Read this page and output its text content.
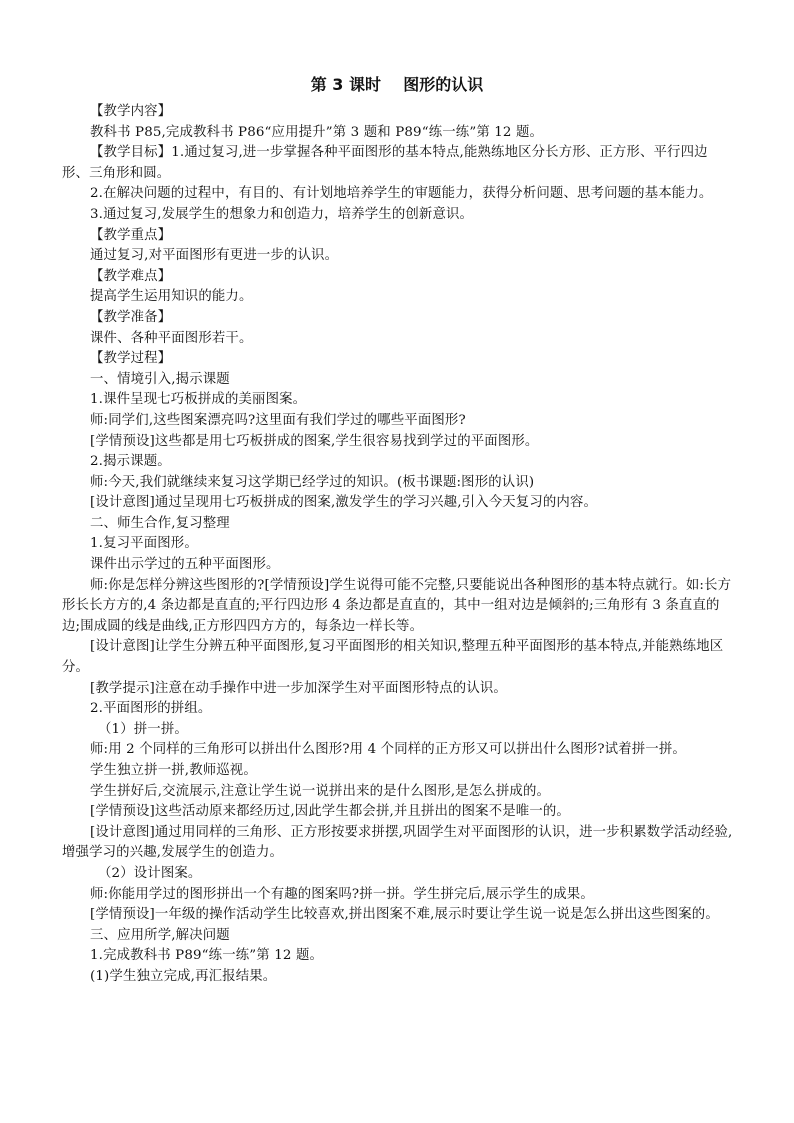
第 3 课时    图形的认识

【教学内容】

教科书 P85,完成教科书 P86“应用提升”第 3 题和 P89“练一练”第 12 题。

【教学目标】1.通过复习,进一步掌握各种平面图形的基本特点,能熟练地区分长方形、正方形、平行四边形、三角形和圆。

2.在解决问题的过程中，有目的、有计划地培养学生的审题能力，获得分析问题、思考问题的基本能力。

3.通过复习,发展学生的想象力和创造力，培养学生的创新意识。

【教学重点】

通过复习,对平面图形有更进一步的认识。

【教学难点】

提高学生运用知识的能力。

【教学准备】

课件、各种平面图形若干。

【教学过程】

一、情境引入,揭示课题

1.课件呈现七巧板拼成的美丽图案。

师:同学们,这些图案漂亮吗?这里面有我们学过的哪些平面图形?

[学情预设]这些都是用七巧板拼成的图案,学生很容易找到学过的平面图形。

2.揭示课题。

师:今天,我们就继续来复习这学期已经学过的知识。(板书课题:图形的认识)

[设计意图]通过呈现用七巧板拼成的图案,激发学生的学习兴趣,引入今天复习的内容。

二、师生合作,复习整理

1.复习平面图形。

课件出示学过的五种平面图形。

师:你是怎样分辨这些图形的?[学情预设]学生说得可能不完整,只要能说出各种图形的基本特点就行。如:长方形长长方方的,4 条边都是直直的;平行四边形 4 条边都是直直的，其中一组对边是倾斜的;三角形有 3 条直直的边;围成圆的线是曲线,正方形四四方方的，每条边一样长等。

[设计意图]让学生分辨五种平面图形,复习平面图形的相关知识,整理五种平面图形的基本特点,并能熟练地区分。

[教学提示]注意在动手操作中进一步加深学生对平面图形特点的认识。

2.平面图形的拼组。

（1）拼一拼。

师:用 2 个同样的三角形可以拼出什么图形?用 4 个同样的正方形又可以拼出什么图形?试着拼一拼。

学生独立拼一拼,教师巡视。

学生拼好后,交流展示,注意让学生说一说拼出来的是什么图形,是怎么拼成的。

[学情预设]这些活动原来都经历过,因此学生都会拼,并且拼出的图案不是唯一的。

[设计意图]通过用同样的三角形、正方形按要求拼摆,巩固学生对平面图形的认识，进一步积累数学活动经验,增强学习的兴趣,发展学生的创造力。

（2）设计图案。

师:你能用学过的图形拼出一个有趣的图案吗?拼一拼。学生拼完后,展示学生的成果。

[学情预设]一年级的操作活动学生比较喜欢,拼出图案不难,展示时要让学生说一说是怎么拼出这些图案的。

三、应用所学,解决问题

1.完成教科书 P89“练一练”第 12 题。

(1)学生独立完成,再汇报结果。
